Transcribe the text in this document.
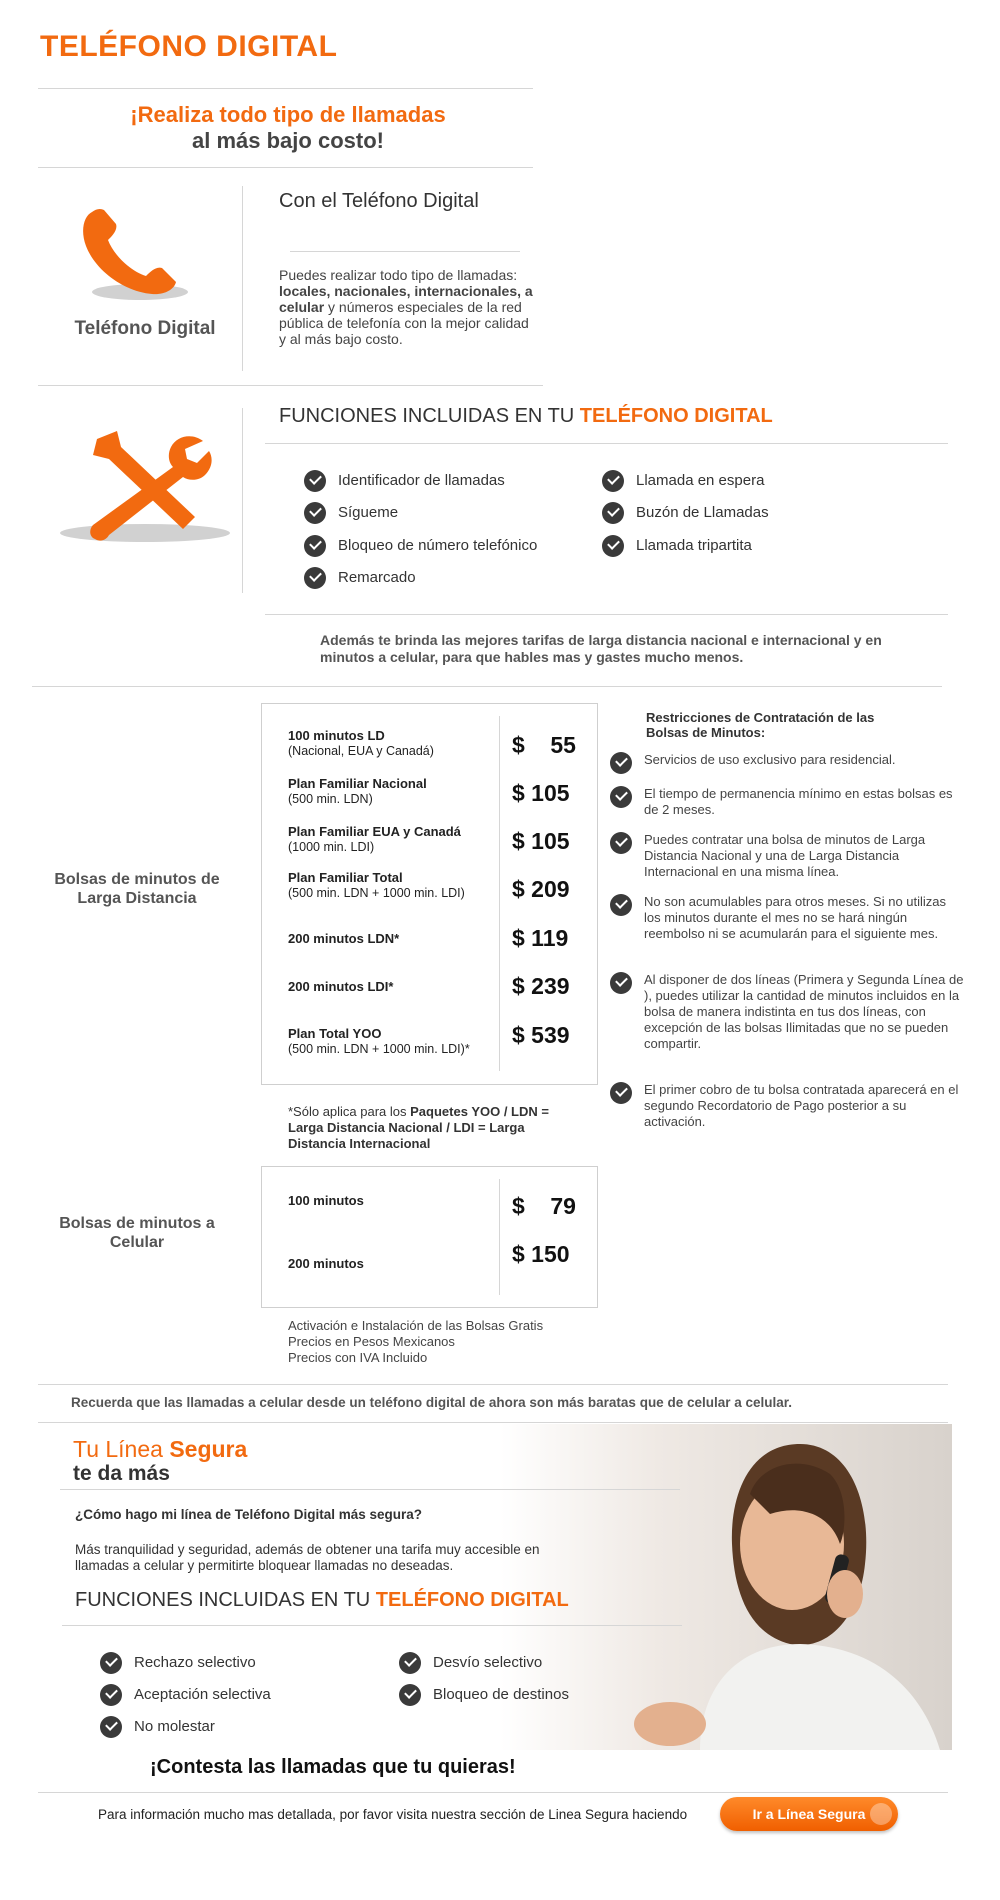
TELÉFONO DIGITAL
¡Realiza todo tipo de llamadas
al más bajo costo!
Teléfono Digital
Con el Teléfono Digital
Puedes realizar todo tipo de llamadas: locales, nacionales, internacionales, a celular y números especiales de la red pública de telefonía con la mejor calidad y al más bajo costo.
FUNCIONES INCLUIDAS EN TU TELÉFONO DIGITAL
Identificador de llamadas
Sígueme
Bloqueo de número telefónico
Remarcado
Llamada en espera
Buzón de Llamadas
Llamada tripartita
Además te brinda las mejores tarifas de larga distancia nacional e internacional y en minutos a celular, para que hables mas y gastes mucho menos.
Bolsas de minutos de Larga Distancia
100 minutos LD
(Nacional, EUA y Canadá)	$    55
Plan Familiar Nacional
(500 min. LDN)	$ 105
Plan Familiar EUA y Canadá
(1000 min. LDI)	$ 105
Plan Familiar Total
(500 min. LDN + 1000 min. LDI) $ 209
200 minutos LDN*	$ 119
200 minutos LDI*	$ 239
Plan Total YOO
(500 min. LDN + 1000 min. LDI)*
$ 539
*Sólo aplica para los Paquetes YOO / LDN = Larga Distancia Nacional / LDI = Larga Distancia Internacional
Restricciones de Contratación de las Bolsas de Minutos:
Servicios de uso exclusivo para residencial.
El tiempo de permanencia mínimo en estas bolsas es de 2 meses.
Puedes contratar una bolsa de minutos de Larga Distancia Nacional y una de Larga Distancia Internacional en una misma línea.
No son acumulables para otros meses. Si no utilizas los minutos durante el mes no se hará ningún reembolso ni se acumularán para el siguiente mes.
Al disponer de dos líneas (Primera y Segunda Línea de ), puedes utilizar la cantidad de minutos incluidos en la bolsa de manera indistinta en tus dos líneas, con excepción de las bolsas Ilimitadas que no se pueden compartir.
El primer cobro de tu bolsa contratada aparecerá en el segundo Recordatorio de Pago posterior a su activación.
Bolsas de minutos a Celular
100 minutos	$    79
200 minutos	$ 150
Activación e Instalación de las Bolsas Gratis
Precios en Pesos Mexicanos
Precios con IVA Incluido
Recuerda que las llamadas a celular desde un teléfono digital de ahora son más baratas que de celular a celular.
Tu Línea Segura
te da más
¿Cómo hago mi línea de Teléfono Digital más segura?
Más tranquilidad y seguridad, además de obtener una tarifa muy accesible en llamadas a celular y permitirte bloquear llamadas no deseadas.
FUNCIONES INCLUIDAS EN TU TELÉFONO DIGITAL
Rechazo selectivo
Aceptación selectiva
No molestar
Desvío selectivo
Bloqueo de destinos
¡Contesta las llamadas que tu quieras!
Para información mucho mas detallada, por favor visita nuestra sección de Linea Segura haciendo	Ir a Línea Segura
